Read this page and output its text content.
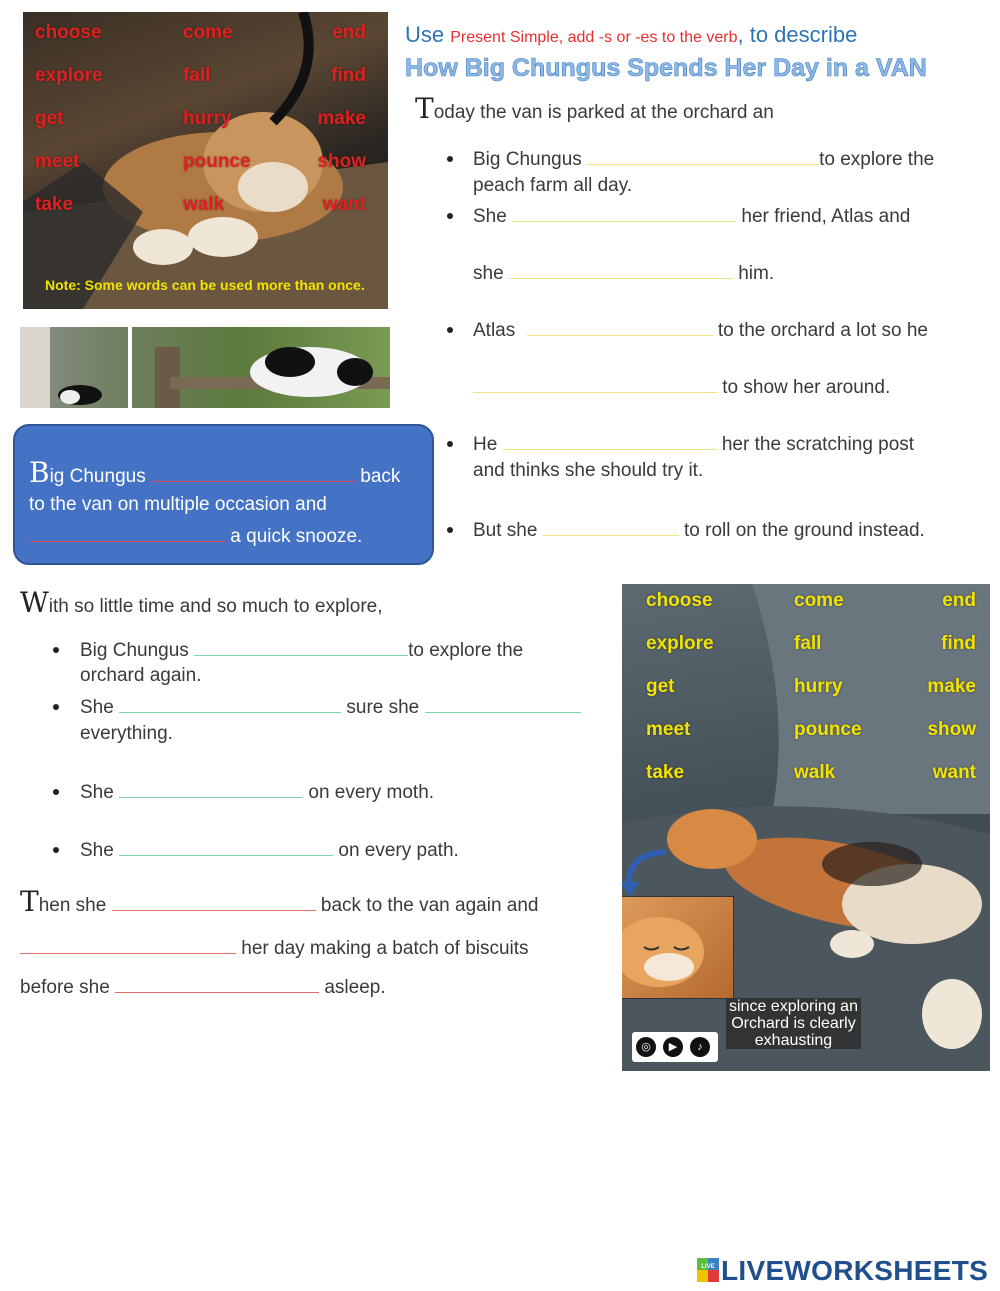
choose	come	end
explore	fall	find
get	hurry	make
meet	pounce	show
take	walk	want
Note: Some words can be used more than once.
Use Present Simple, add -s or -es to the verb, to describe
How Big Chungus Spends Her Day in a VAN
Today the van is parked at the orchard an
Big Chungus	to explore the
peach farm all day.
She	her friend, Atlas and
she	him.
Atlas	to the orchard a lot so he
to show her around.
He	her the scratching post
and thinks she should try it.
But she	to roll on the ground instead.
Big Chungus	back
to the van on multiple occasion and
a quick snooze.
With so little time and so much to explore,
Big Chungus	to explore the
orchard again.
She	sure she
everything.
She	on every moth.
She	on every path.
Then she	back to the van again and
her day making a batch of biscuits
before she	asleep.
choose	come	end
explore	fall	find
get	hurry	make
meet	pounce	show
take	walk	want
since exploring an
Orchard is clearly
exhausting
◎	▶	♪
LIVE LIVEWORKSHEETS
